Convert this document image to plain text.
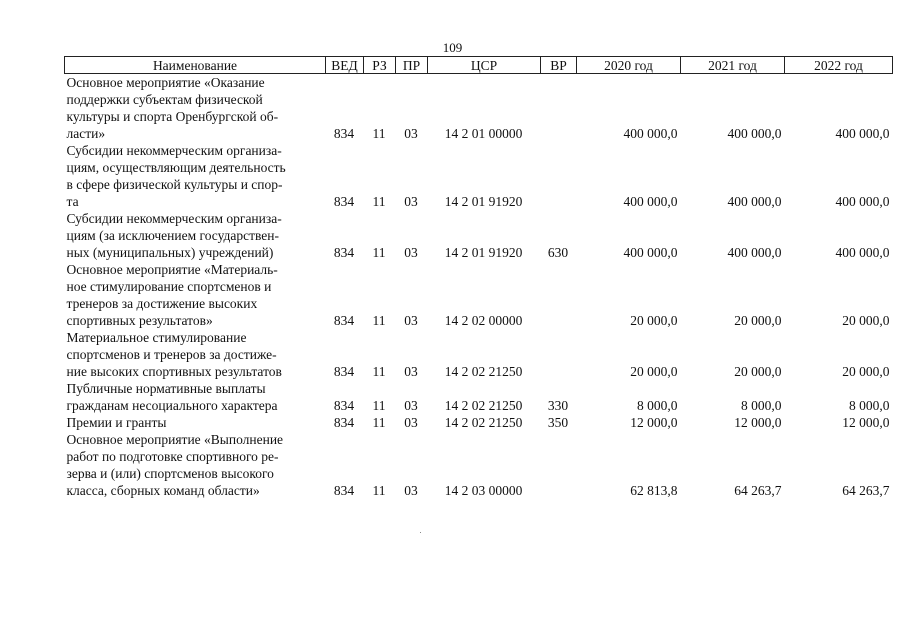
109
Наименование	ВЕД	РЗ	ПР	ЦСР	ВР	2020 год	2021 год	2022 год

Основное мероприятие «Оказание
поддержки субъектам физической
культуры и спорта Оренбургской об-
ласти»	834	11	03	14 2 01 00000		400 000,0	400 000,0	400 000,0

Субсидии некоммерческим организа-
циям, осуществляющим деятельность
в сфере физической культуры и спор-
та	834	11	03	14 2 01 91920		400 000,0	400 000,0	400 000,0

Субсидии некоммерческим организа-
циям (за исключением государствен-
ных (муниципальных) учреждений)	834	11	03	14 2 01 91920	630	400 000,0	400 000,0	400 000,0

Основное мероприятие «Материаль-
ное стимулирование спортсменов и
тренеров за достижение высоких
спортивных результатов»	834	11	03	14 2 02 00000		20 000,0	20 000,0	20 000,0

Материальное стимулирование
спортсменов и тренеров за достиже-
ние высоких спортивных результатов	834	11	03	14 2 02 21250		20 000,0	20 000,0	20 000,0

Публичные нормативные выплаты
гражданам несоциального характера	834	11	03	14 2 02 21250	330	8 000,0	8 000,0	8 000,0

Премии и гранты	834	11	03	14 2 02 21250	350	12 000,0	12 000,0	12 000,0

Основное мероприятие «Выполнение
работ по подготовке спортивного ре-
зерва и (или) спортсменов высокого
класса, сборных команд области»	834	11	03	14 2 03 00000		62 813,8	64 263,7	64 263,7
